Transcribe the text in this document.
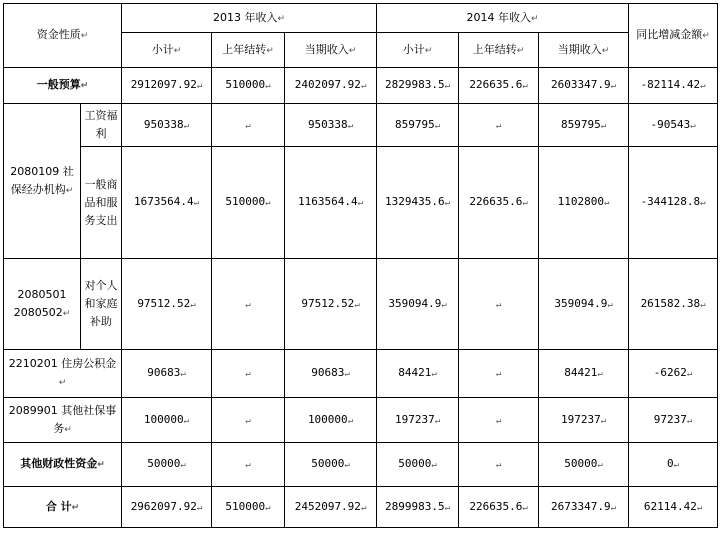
资金性质↵		2013 年收入↵			2014 年收入↵			同比增减金额↵
		小计↵	上年结转↵	当期收入↵	小计↵	上年结转↵	当期收入↵	
一般预算↵		2912097.92↵	510000↵	2402097.92↵	2829983.5↵	226635.6↵	2603347.9↵	-82114.42↵
2080109 社保经办机构↵	工资福利	950338↵	↵	950338↵	859795↵	↵	859795↵	-90543↵
	一般商品和服务支出	1673564.4↵	510000↵	1163564.4↵	1329435.6↵	226635.6↵	1102800↵	-344128.8↵
2080501 2080502↵	对个人和家庭补助	97512.52↵	↵	97512.52↵	359094.9↵	↵	359094.9↵	261582.38↵
2210201 住房公积金↵		90683↵	↵	90683↵	84421↵	↵	84421↵	-6262↵
2089901 其他社保事务↵		100000↵	↵	100000↵	197237↵	↵	197237↵	97237↵
其他财政性资金↵		50000↵	↵	50000↵	50000↵	↵	50000↵	0↵
合 计↵		2962097.92↵	510000↵	2452097.92↵	2899983.5↵	226635.6↵	2673347.9↵	62114.42↵
